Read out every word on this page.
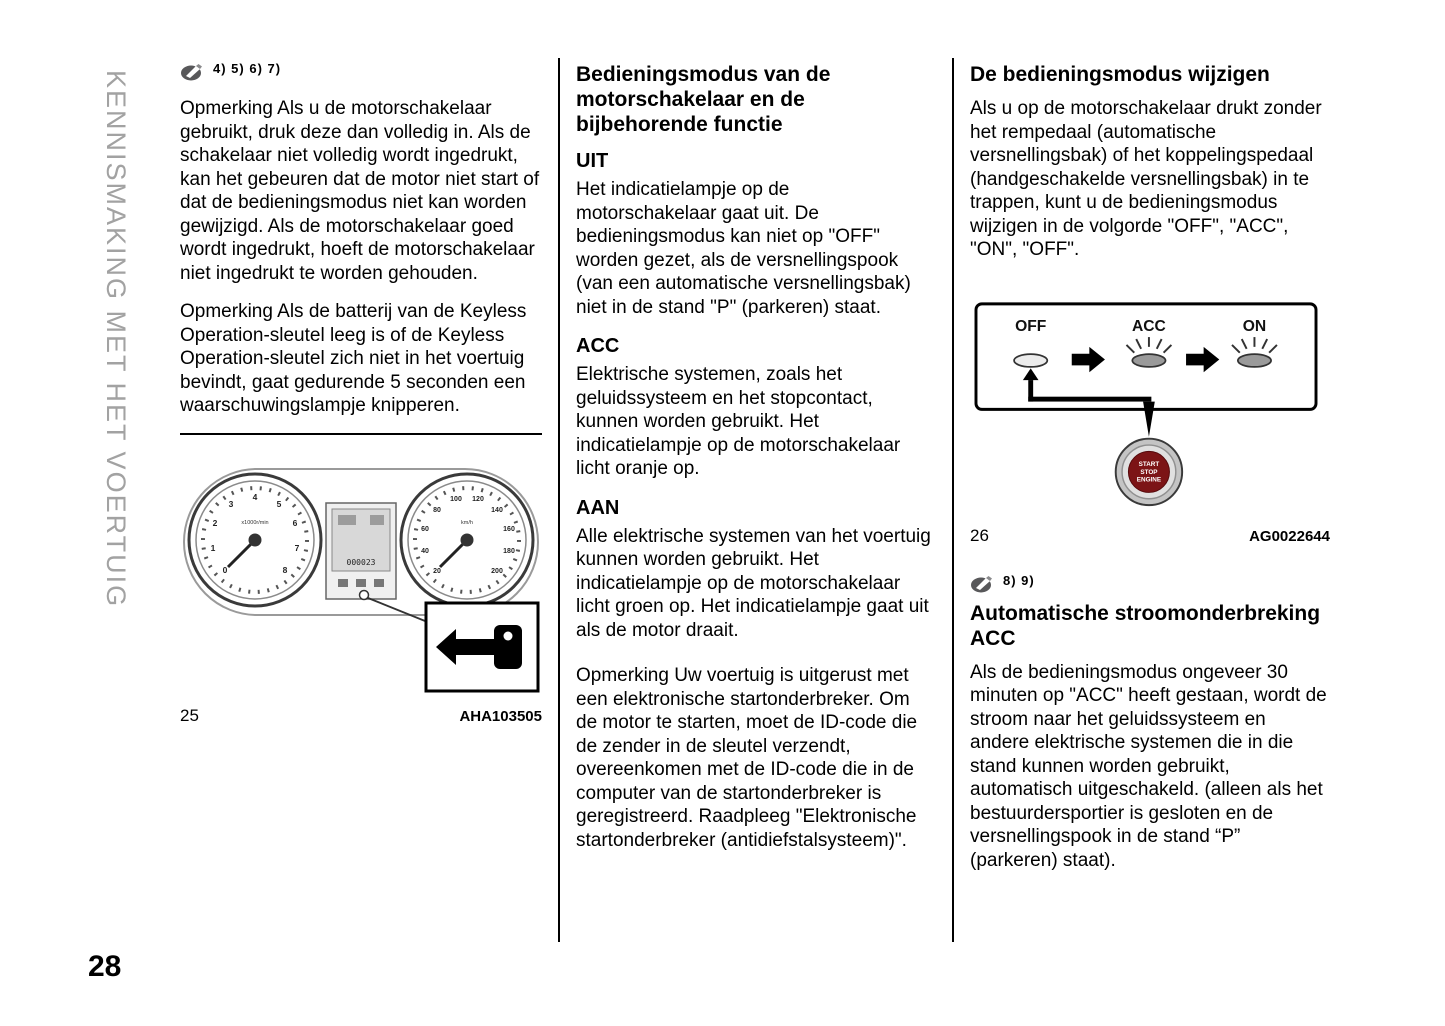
KENNISMAKING MET HET VOERTUIG
28
4) 5) 6) 7)

Opmerking Als u de motorschakelaar gebruikt, druk deze dan volledig in. Als de schakelaar niet volledig wordt ingedrukt, kan het gebeuren dat de motor niet start of dat de bedieningsmodus niet kan worden gewijzigd. Als de motorschakelaar goed wordt ingedrukt, hoeft de motorschakelaar niet ingedrukt te worden gehouden.

Opmerking Als de batterij van de Keyless Operation-sleutel leeg is of de Keyless Operation-sleutel zich niet in het voertuig bevindt, gaat gedurende 5 seconden een waarschuwingslampje knipperen.

0
1
2
3
4
5
6
7
8
x1000r/min
20
40
60
80
100 120
140
160
180
200
km/h
000023
25	AHA103505
Bedieningsmodus van de motorschakelaar en de bijbehorende functie
UIT

Het indicatielampje op de motorschakelaar gaat uit. De bedieningsmodus kan niet op "OFF" worden gezet, als de versnellingspook (van een automatische versnellingsbak) niet in de stand "P" (parkeren) staat.

ACC

Elektrische systemen, zoals het geluidssysteem en het stopcontact, kunnen worden gebruikt. Het indicatielampje op de motorschakelaar licht oranje op.

AAN

Alle elektrische systemen van het voertuig kunnen worden gebruikt. Het indicatielampje op de motorschakelaar licht groen op. Het indicatielampje gaat uit als de motor draait.

Opmerking Uw voertuig is uitgerust met een elektronische startonderbreker. Om de motor te starten, moet de ID-code die de zender in de sleutel verzendt, overeenkomen met de ID-code die in de computer van de startonderbreker is geregistreerd. Raadpleeg "Elektronische startonderbreker (antidiefstalsysteem)".

De bedieningsmodus wijzigen

Als u op de motorschakelaar drukt zonder het rempedaal (automatische versnellingsbak) of het koppelingspedaal (handgeschakelde versnellingsbak) in te trappen, kunt u de bedieningsmodus wijzigen in de volgorde "OFF", "ACC", "ON", "OFF".

OFF	ACC	ON
START
STOP
ENGINE
26	AG0022644
8) 9)
Automatische stroomonderbreking ACC

Als de bedieningsmodus ongeveer 30 minuten op "ACC" heeft gestaan, wordt de stroom naar het geluidssysteem en andere elektrische systemen die in die stand kunnen worden gebruikt, automatisch uitgeschakeld. (alleen als het bestuurdersportier is gesloten en de versnellingspook in de stand “P” (parkeren) staat).
